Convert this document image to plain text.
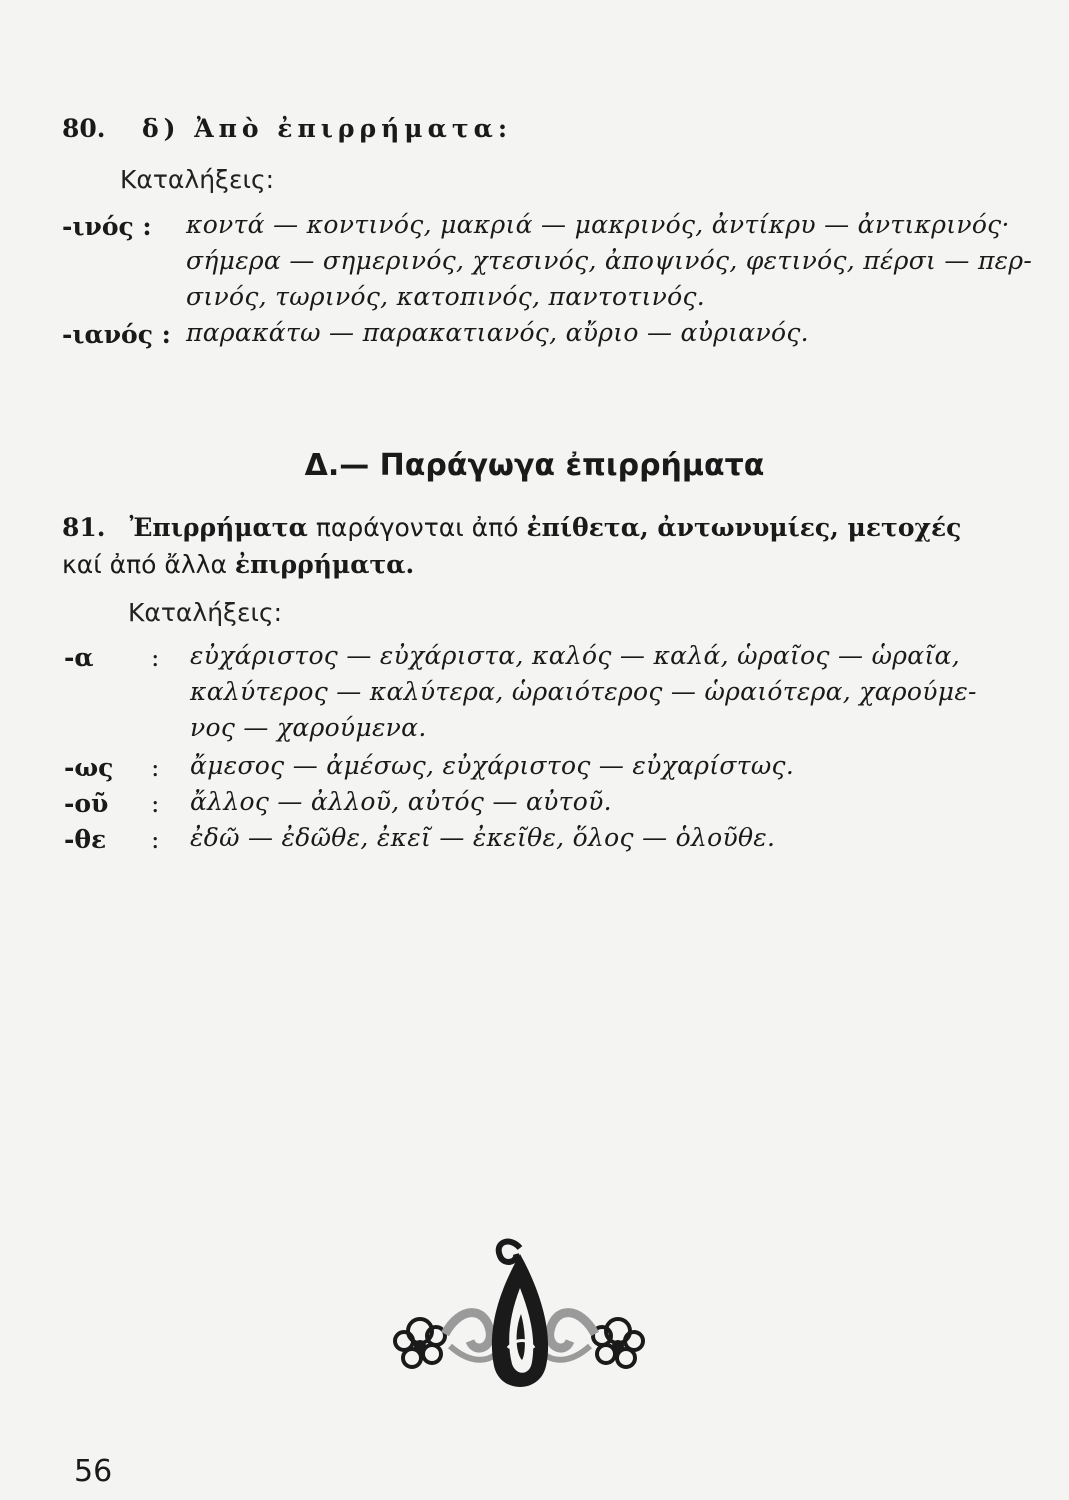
80. δ) Ἀπὸ ἐπιρρήματα:
Καταλήξεις:
-ινός : κοντά — κοντινός, μακριά — μακρινός, ἀντίκρυ — ἀντικρινός·
σήμερα — σημερινός, χτεσινός, ἀποψινός, φετινός, πέρσι — περ-
σινός, τωρινός, κατοπινός, παντοτινός.
-ιανός : παρακάτω — παρακατιανός, αὔριο — αὐριανός.
Δ.— Παράγωγα ἐπιρρήματα
81. Ἐπιρρήματα παράγονται ἀπό ἐπίθετα, ἀντωνυμίες, μετοχές
καί ἀπό ἄλλα ἐπιρρήματα.
Καταλήξεις:
-α : εὐχάριστος — εὐχάριστα, καλός — καλά, ὡραῖος — ὡραῖα,
καλύτερος — καλύτερα, ὡραιότερος — ὡραιότερα, χαρούμε-
νος — χαρούμενα.
-ως : ἄμεσος — ἀμέσως, εὐχάριστος — εὐχαρίστως.
-οῦ : ἄλλος — ἀλλοῦ, αὐτός — αὐτοῦ.
-θε : ἐδῶ — ἐδῶθε, ἐκεῖ — ἐκεῖθε, ὅλος — ὁλοῦθε.
56
